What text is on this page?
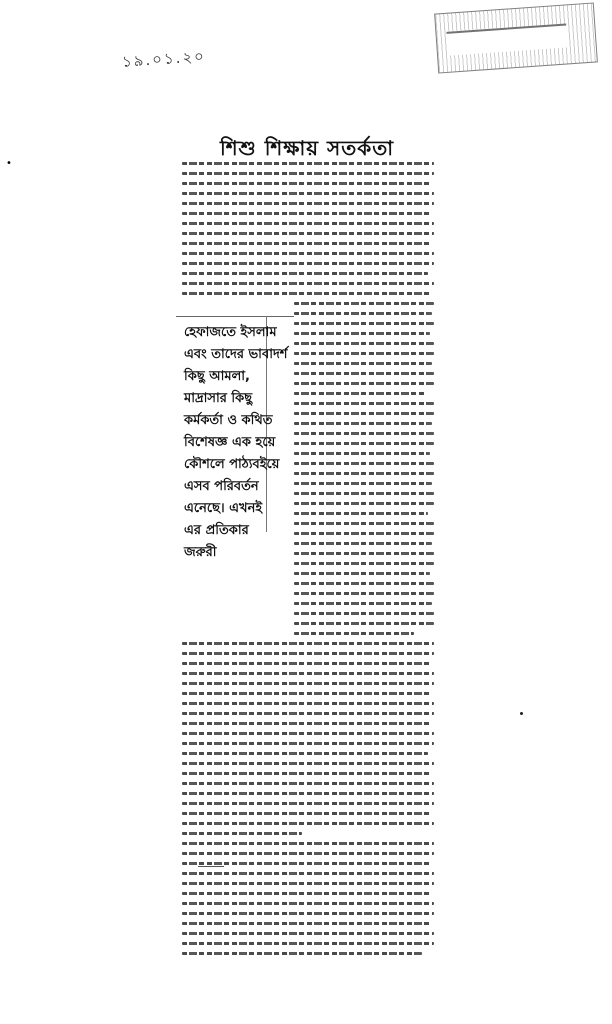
১৯.০১.২০
শিশু শিক্ষায় সতর্কতা
•
হেফাজতে ইসলাম
এবং তাদের ভাবাদর্শ
কিছু আমলা,
মাদ্রাসার কিছু
কর্মকর্তা ও কথিত
বিশেষজ্ঞ এক হয়ে
কৌশলে পাঠ্যবইয়ে
এসব পরিবর্তন
এনেছে। এখনই
এর প্রতিকার
জরুরী
